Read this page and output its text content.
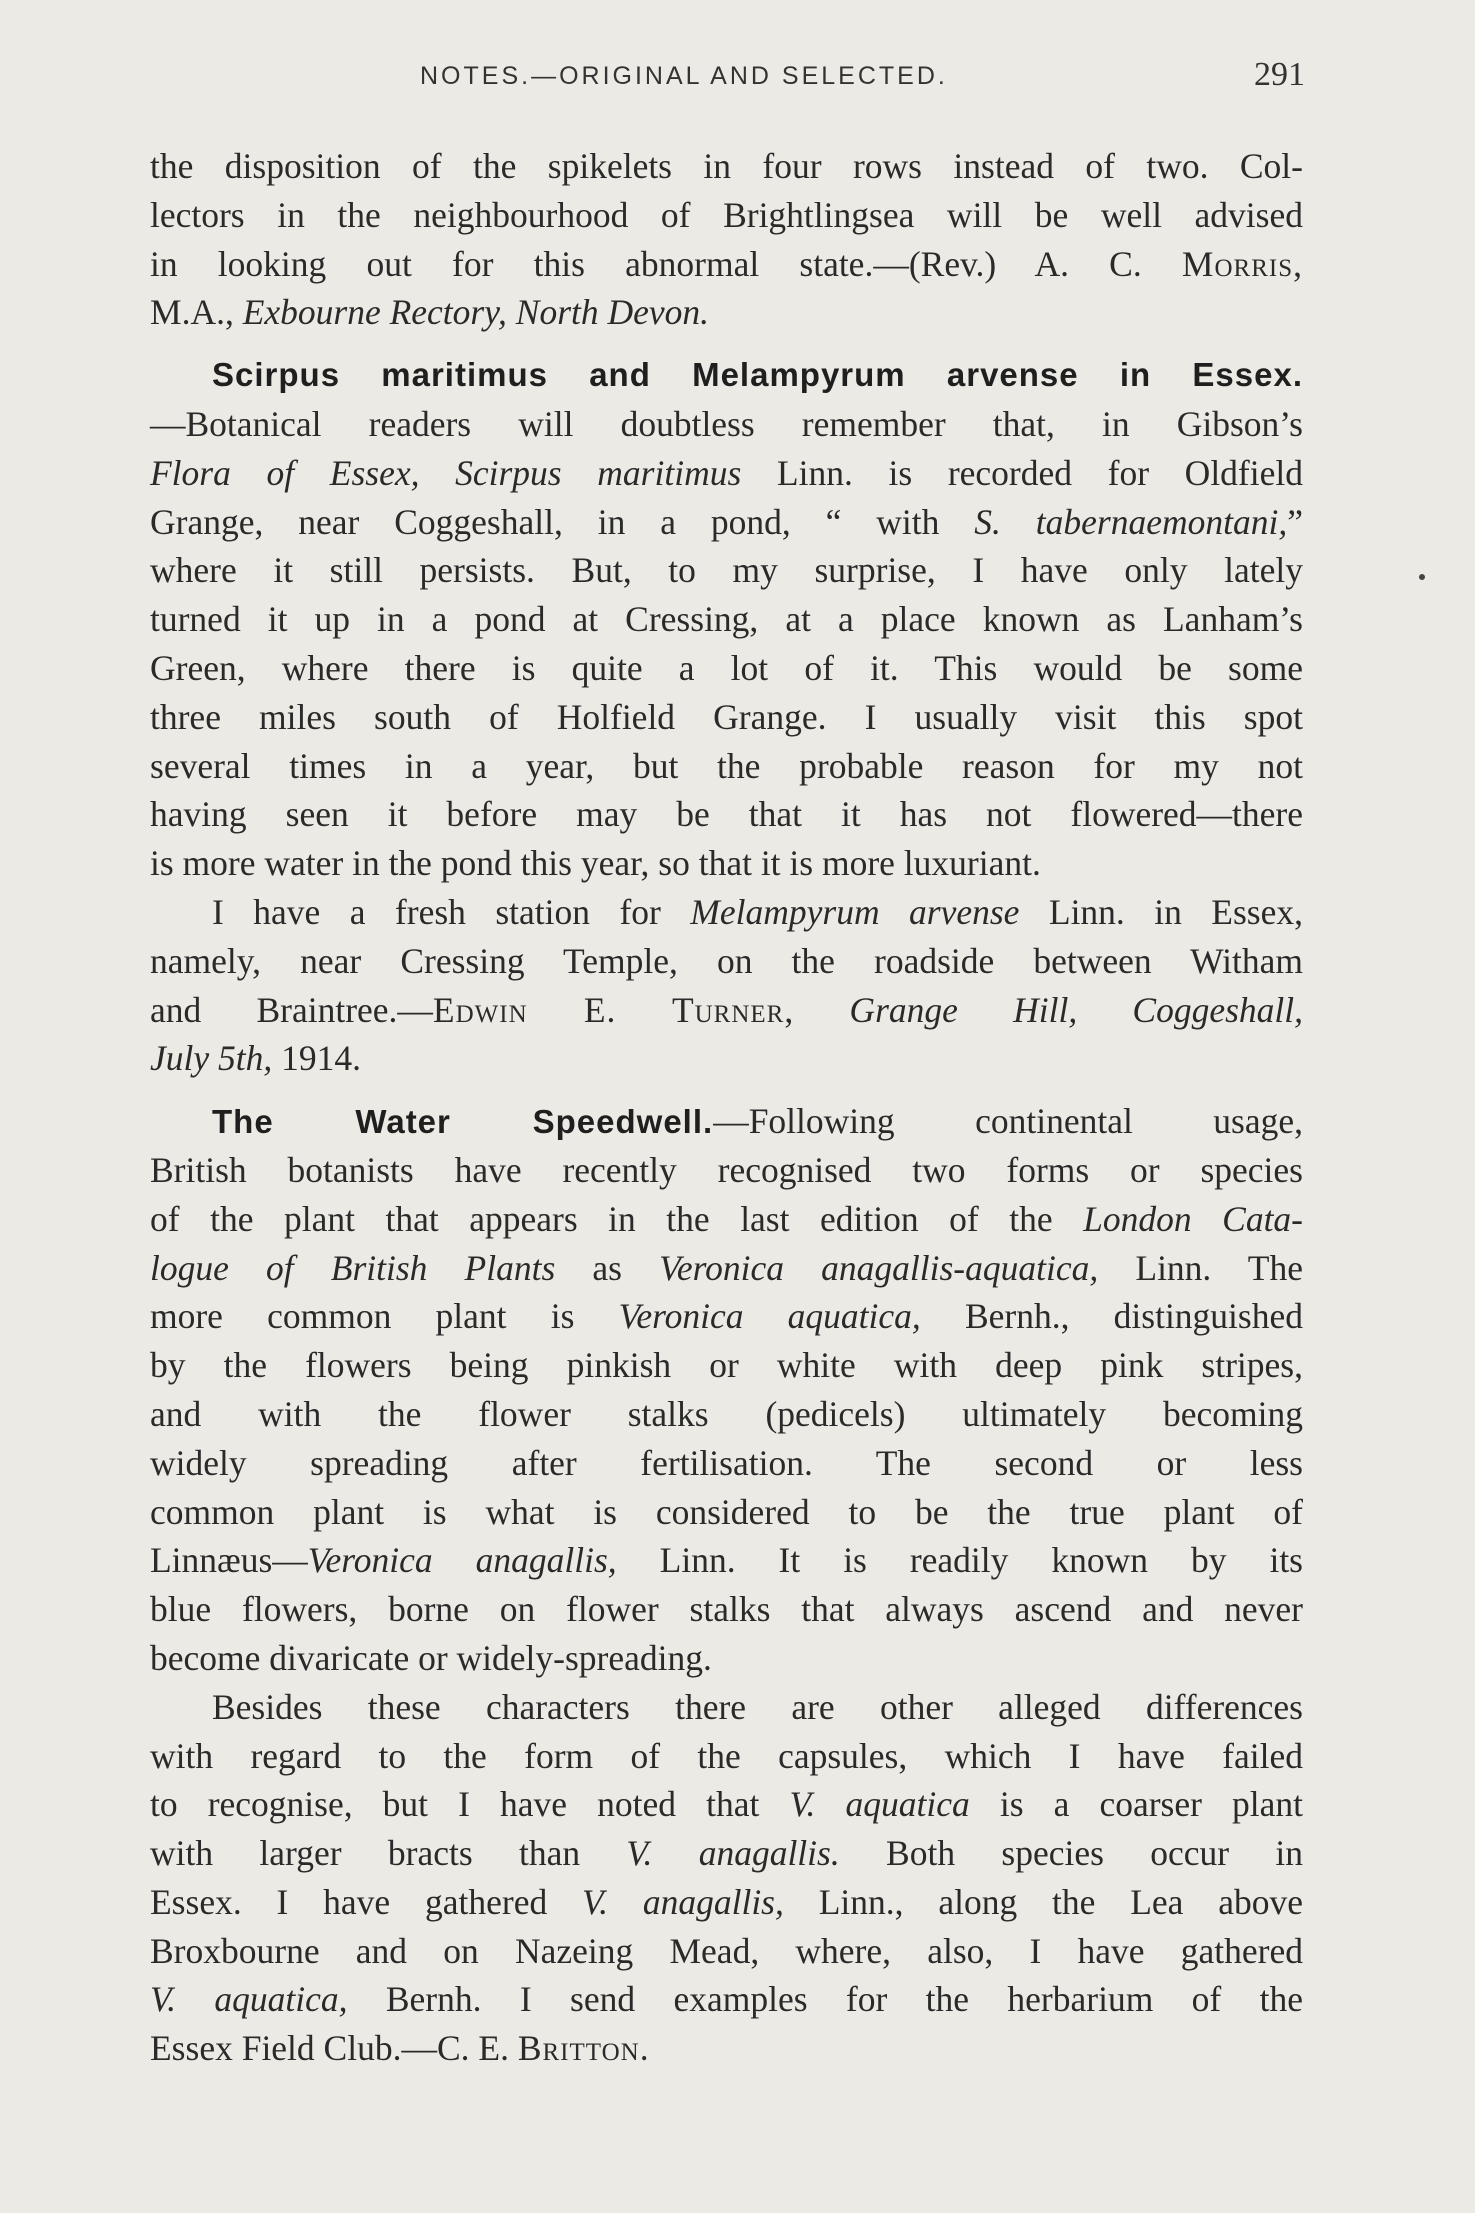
NOTES.—ORIGINAL AND SELECTED.	291
the disposition of the spikelets in four rows instead of two. Col-
lectors in the neighbourhood of Brightlingsea will be well advised
in looking out for this abnormal state.—(Rev.) A. C. Morris,
M.A., Exbourne Rectory, North Devon.
Scirpus maritimus and Melampyrum arvense in Essex.
—Botanical readers will doubtless remember that, in Gibson’s
Flora of Essex, Scirpus maritimus Linn. is recorded for Oldfield
Grange, near Coggeshall, in a pond, “ with S. tabernaemontani,”
where it still persists. But, to my surprise, I have only lately
turned it up in a pond at Cressing, at a place known as Lanham’s
Green, where there is quite a lot of it. This would be some
three miles south of Holfield Grange. I usually visit this spot
several times in a year, but the probable reason for my not
having seen it before may be that it has not flowered—there
is more water in the pond this year, so that it is more luxuriant.
I have a fresh station for Melampyrum arvense Linn. in Essex,
namely, near Cressing Temple, on the roadside between Witham
and Braintree.—Edwin E. Turner, Grange Hill, Coggeshall,
July 5th, 1914.
The Water Speedwell.—Following continental usage,
British botanists have recently recognised two forms or species
of the plant that appears in the last edition of the London Cata-
logue of British Plants as Veronica anagallis-aquatica, Linn. The
more common plant is Veronica aquatica, Bernh., distinguished
by the flowers being pinkish or white with deep pink stripes,
and with the flower stalks (pedicels) ultimately becoming
widely spreading after fertilisation. The second or less
common plant is what is considered to be the true plant of
Linnæus—Veronica anagallis, Linn. It is readily known by its
blue flowers, borne on flower stalks that always ascend and never
become divaricate or widely-spreading.
Besides these characters there are other alleged differences
with regard to the form of the capsules, which I have failed
to recognise, but I have noted that V. aquatica is a coarser plant
with larger bracts than V. anagallis. Both species occur in
Essex. I have gathered V. anagallis, Linn., along the Lea above
Broxbourne and on Nazeing Mead, where, also, I have gathered
V. aquatica, Bernh. I send examples for the herbarium of the
Essex Field Club.—C. E. Britton.
